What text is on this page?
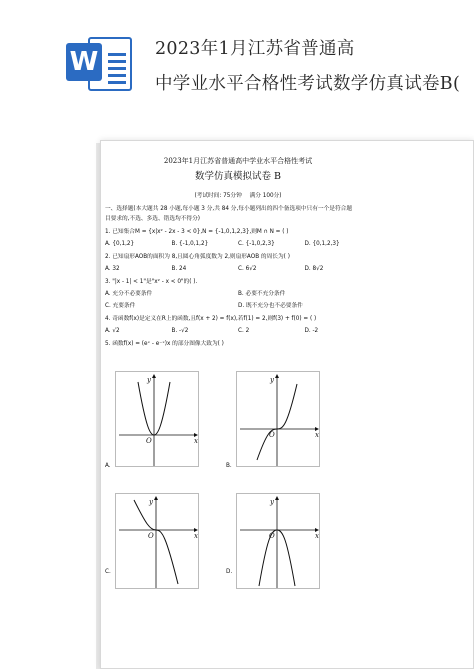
W	2023年1月江苏省普通高
中学业水平合格性考试数学仿真试卷B(
2023年1月江苏省普通高中学业水平合格性考试
数学仿真模拟试卷 B
(考试时间: 75分钟 满分 100分)
一、选择题(本大题共 28 小题,每小题 3 分,共 84 分,每小题列出的四个备选项中只有一个是符合题
目要求的,不选、多选、错选均不得分)
1. 已知集合M = {x|x² - 2x - 3 < 0},N = {-1,0,1,2,3},则M ∩ N = ( )
A. {0,1,2}	B. {-1,0,1,2}	C. {-1,0,2,3}	D. {0,1,2,3}
2. 已知扇形AOB的面积为 8,且圆心角弧度数为 2,则扇形AOB 的周长为( )
A. 32	B. 24	C. 6√2	D. 8√2
3. "|x - 1| < 1"是"x² - x < 0"的( ).
A. 充分不必要条件	B. 必要不充分条件
C. 充要条件	D. 既不充分也不必要条件
4. 奇函数f(x)是定义在R上的函数,且f(x + 2) = f(x),若f(1) = 2,则f(3) + f(0) = ( )
A. √2	B. -√2	C. 2	D. -2
5. 函数f(x) = (eˣ - e⁻ˣ)x 的部分图像大致为( )
x
y
O
A.
x
y
O
B.
x
y
O
C.
x
y
O
D.
